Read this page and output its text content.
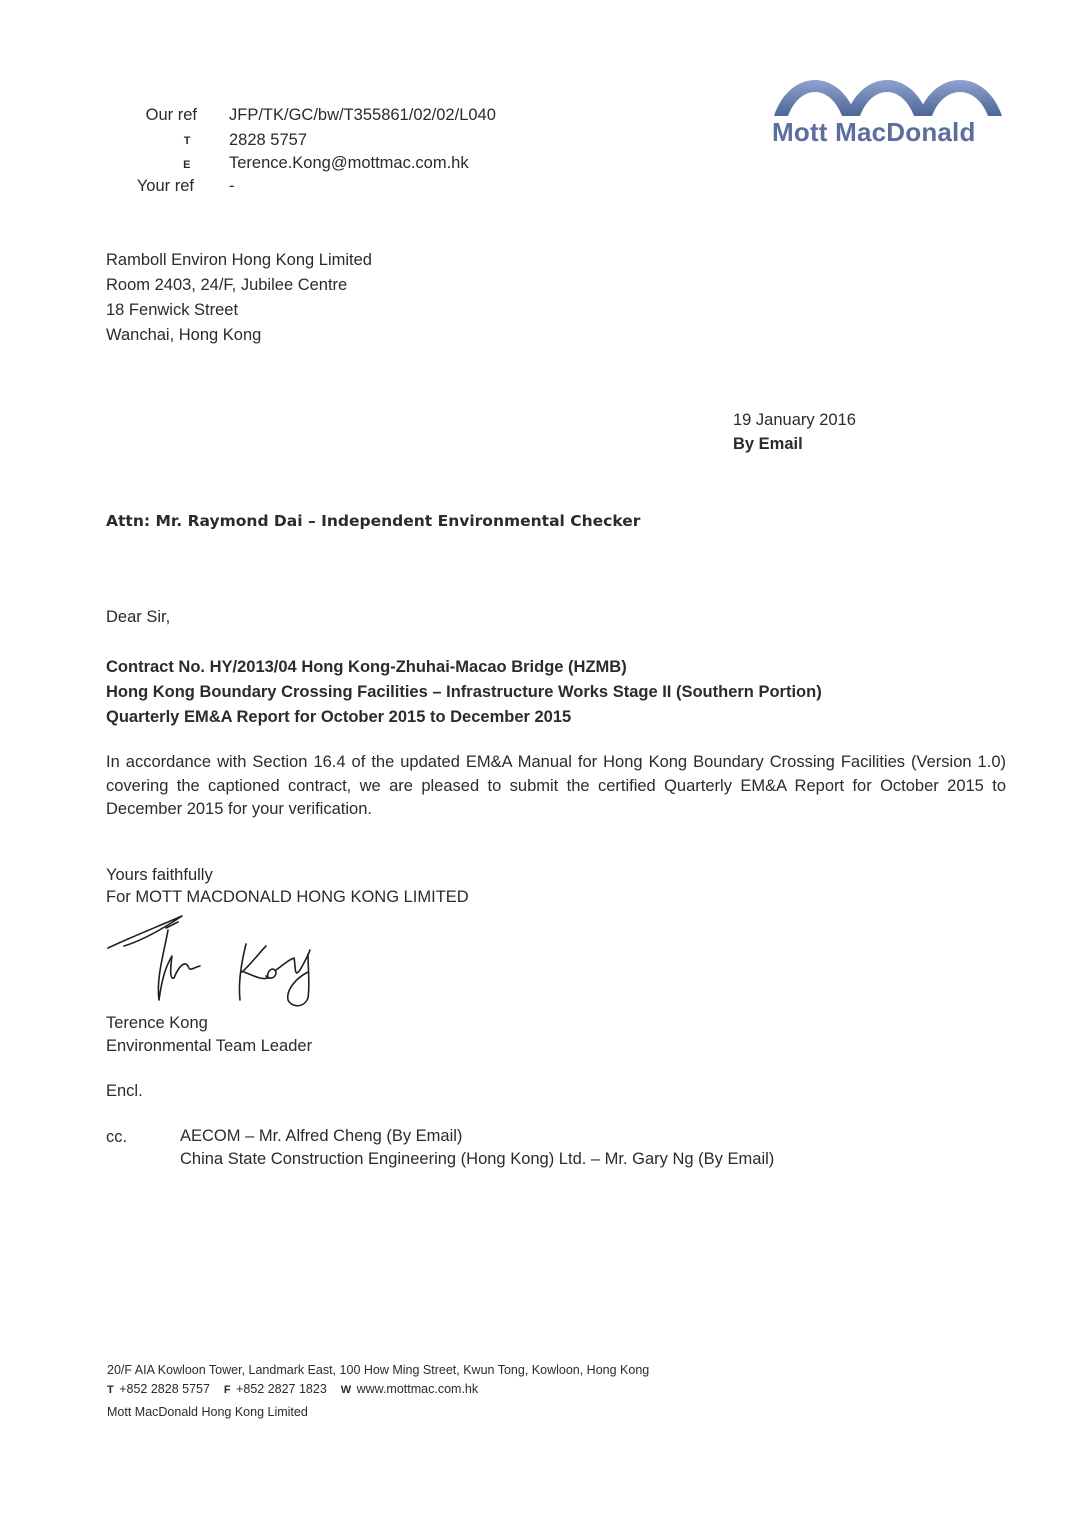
Mott MacDonald
Our ref JFP/TK/GC/bw/T355861/02/02/L040
T 2828 5757
E Terence.Kong@mottmac.com.hk
Your ref -
Ramboll Environ Hong Kong Limited
Room 2403, 24/F, Jubilee Centre
18 Fenwick Street
Wanchai, Hong Kong
19 January 2016
By Email
Attn: Mr. Raymond Dai – Independent Environmental Checker
Dear Sir,
Contract No. HY/2013/04 Hong Kong-Zhuhai-Macao Bridge (HZMB)
Hong Kong Boundary Crossing Facilities – Infrastructure Works Stage II (Southern Portion)
Quarterly EM&A Report for October 2015 to December 2015
In accordance with Section 16.4 of the updated EM&A Manual for Hong Kong Boundary Crossing Facilities (Version 1.0) covering the captioned contract, we are pleased to submit the certified Quarterly EM&A Report for October 2015 to December 2015 for your verification.
Yours faithfully
For MOTT MACDONALD HONG KONG LIMITED
Terence Kong
Environmental Team Leader
Encl.
cc.	AECOM – Mr. Alfred Cheng (By Email)
China State Construction Engineering (Hong Kong) Ltd. – Mr. Gary Ng (By Email)
20/F AIA Kowloon Tower, Landmark East, 100 How Ming Street, Kwun Tong, Kowloon, Hong Kong
T +852 2828 5757 F +852 2827 1823 W www.mottmac.com.hk
Mott MacDonald Hong Kong Limited
